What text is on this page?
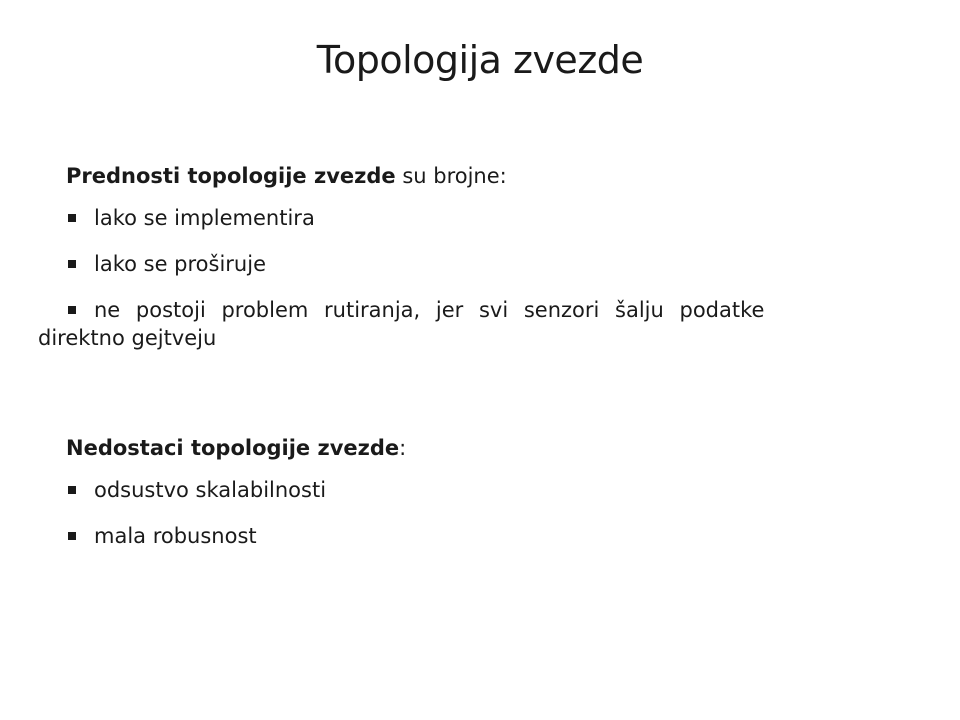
Topologija zvezde

Prednosti topologije zvezde su brojne:

lako se implementira
lako se proširuje
ne postoji problem rutiranja, jer svi senzori šalju podatke
direktno gejtveju

Nedostaci topologije zvezde:

odsustvo skalabilnosti
mala robusnost
